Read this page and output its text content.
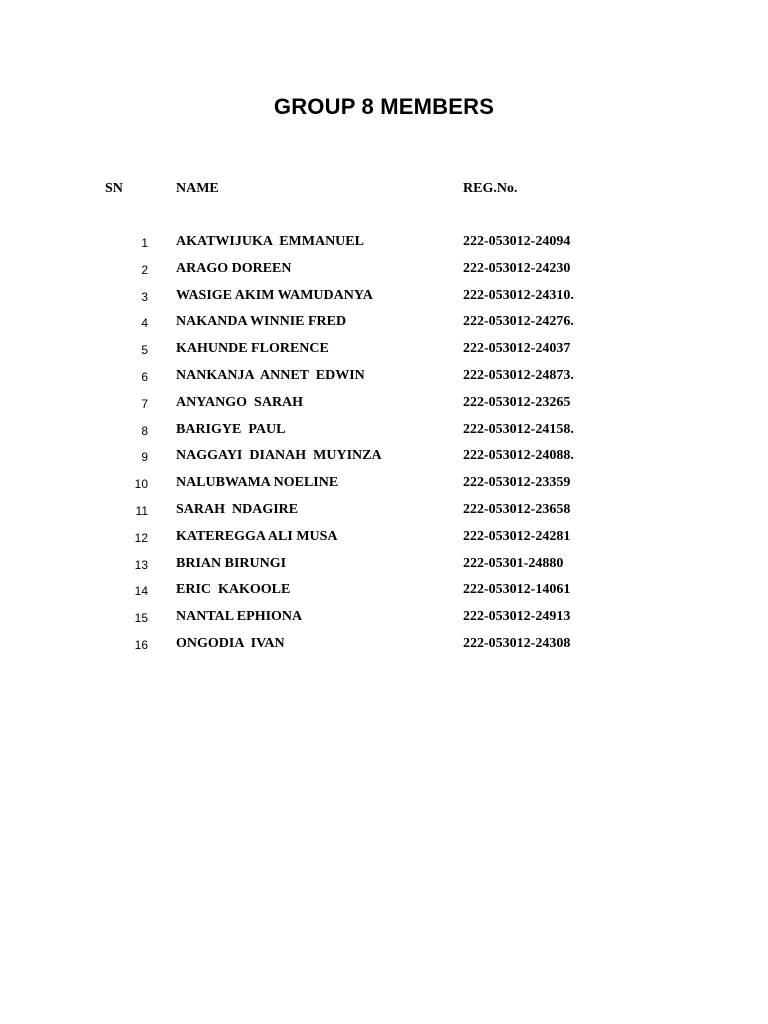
GROUP 8 MEMBERS
SN	NAME	REG.No.
1 AKATWIJUKA  EMMANUEL	222-053012-24094
2 ARAGO DOREEN	222-053012-24230
3 WASIGE AKIM WAMUDANYA	222-053012-24310.
4 NAKANDA WINNIE FRED	222-053012-24276.
5 KAHUNDE FLORENCE	222-053012-24037
6 NANKANJA  ANNET  EDWIN	222-053012-24873.
7 ANYANGO  SARAH	222-053012-23265
8 BARIGYE  PAUL	222-053012-24158.
9 NAGGAYI  DIANAH  MUYINZA	222-053012-24088.
10 NALUBWAMA NOELINE	222-053012-23359
11 SARAH  NDAGIRE	222-053012-23658
12 KATEREGGA ALI MUSA	222-053012-24281
13 BRIAN BIRUNGI	222-05301-24880
14 ERIC  KAKOOLE	222-053012-14061
15 NANTAL EPHIONA	222-053012-24913
16 ONGODIA  IVAN	222-053012-24308
